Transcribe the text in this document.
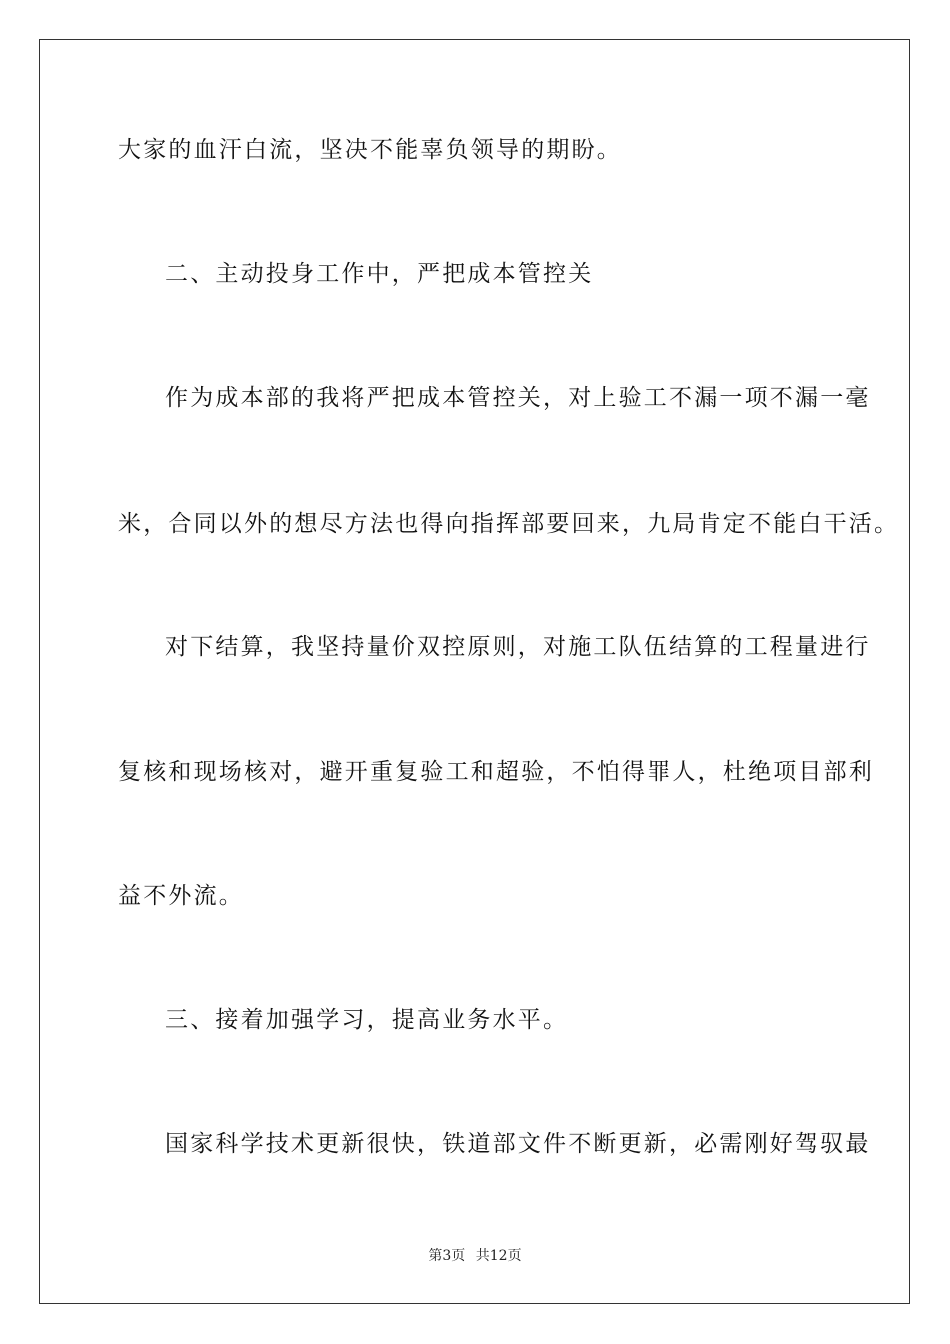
大家的血汗白流，坚决不能辜负领导的期盼。

二、主动投身工作中，严把成本管控关

作为成本部的我将严把成本管控关，对上验工不漏一项不漏一毫

米，合同以外的想尽方法也得向指挥部要回来，九局肯定不能白干活。

对下结算，我坚持量价双控原则，对施工队伍结算的工程量进行

复核和现场核对，避开重复验工和超验，不怕得罪人，杜绝项目部利

益不外流。

三、接着加强学习，提高业务水平。

国家科学技术更新很快，铁道部文件不断更新，必需刚好驾驭最

第3页 共12页
